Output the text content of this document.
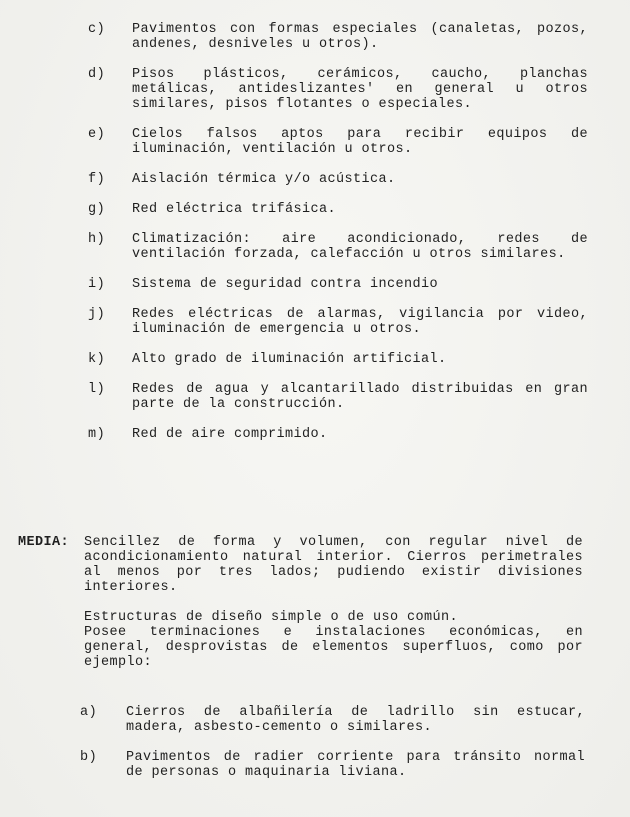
c)	Pavimentos con formas especiales (canaletas, pozos, andenes, desniveles u otros).
d)	Pisos plásticos, cerámicos, caucho, planchas metálicas, antideslizantes' en general u otros similares, pisos flotantes o especiales.
e)	Cielos falsos aptos para recibir equipos de iluminación, ventilación u otros.
f)	Aislación térmica y/o acústica.
g)	Red eléctrica trifásica.
h)	Climatización: aire acondicionado, redes de ventilación forzada, calefacción u otros similares.
i)	Sistema de seguridad contra incendio
j)	Redes eléctricas de alarmas, vigilancia por video, iluminación de emergencia u otros.
k)	Alto grado de iluminación artificial.
l)	Redes de agua y alcantarillado distribuidas en gran parte de la construcción.
m)	Red de aire comprimido.
MEDIA:	Sencillez de forma y volumen, con regular nivel de acondicionamiento natural interior. Cierros perimetrales al menos por tres lados; pudiendo existir divisiones interiores.
Estructuras de diseño simple o de uso común.
Posee terminaciones e instalaciones económicas, en general, desprovistas de elementos superfluos, como por ejemplo:
a)	Cierros de albañilería de ladrillo sin estucar, madera, asbesto-cemento o similares.
b)	Pavimentos de radier corriente para tránsito normal de personas o maquinaria liviana.
